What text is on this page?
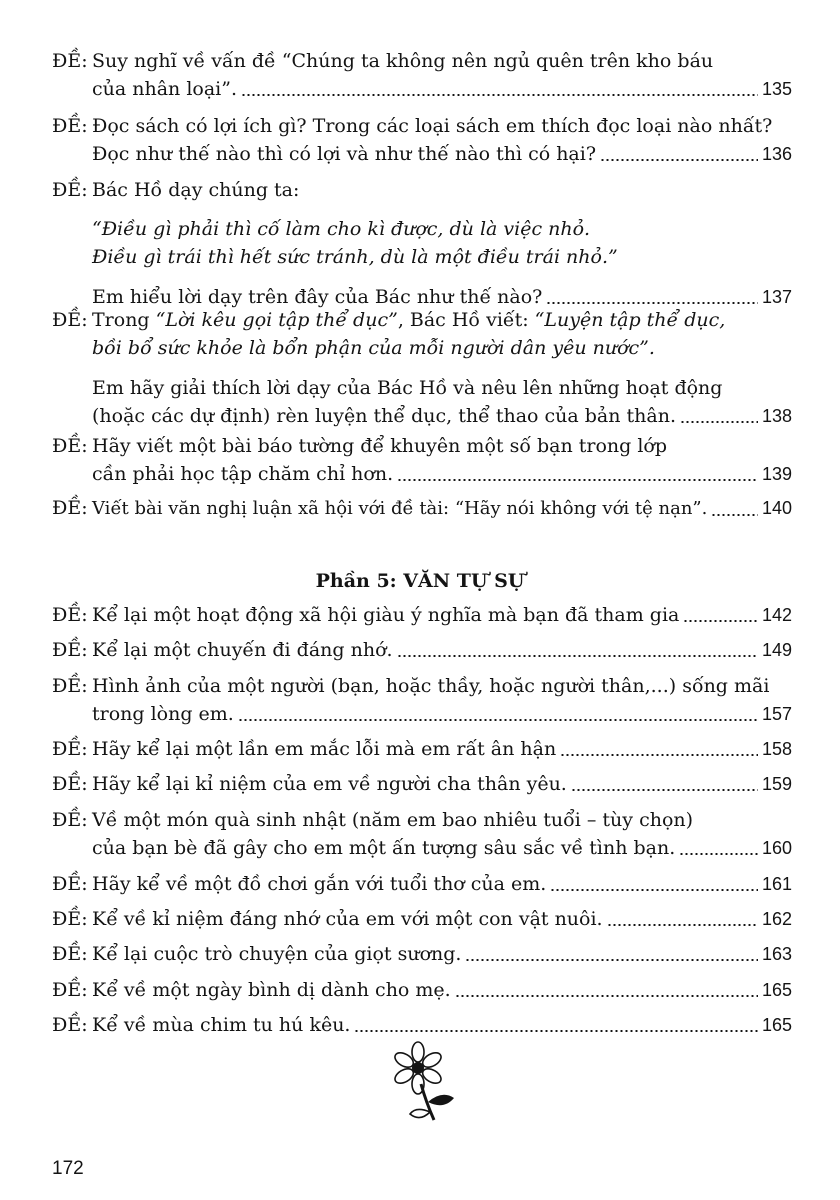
ĐỀ: Suy nghĩ về vấn đề “Chúng ta không nên ngủ quên trên kho báu
của nhân loại”.	135
ĐỀ: Đọc sách có lợi ích gì? Trong các loại sách em thích đọc loại nào nhất?
Đọc như thế nào thì có lợi và như thế nào thì có hại?	136
ĐỀ: Bác Hồ dạy chúng ta:
“Điều gì phải thì cố làm cho kì được, dù là việc nhỏ.
Điều gì trái thì hết sức tránh, dù là một điều trái nhỏ.”
Em hiểu lời dạy trên đây của Bác như thế nào?	137
ĐỀ: Trong “Lời kêu gọi tập thể dục”, Bác Hồ viết: “Luyện tập thể dục,
bồi bổ sức khỏe là bổn phận của mỗi người dân yêu nước”.
Em hãy giải thích lời dạy của Bác Hồ và nêu lên những hoạt động
(hoặc các dự định) rèn luyện thể dục, thể thao của bản thân.	138
ĐỀ: Hãy viết một bài báo tường để khuyên một số bạn trong lớp
cần phải học tập chăm chỉ hơn.	139
ĐỀ: Viết bài văn nghị luận xã hội với đề tài: “Hãy nói không với tệ nạn”.	140
Phần 5: VĂN TỰ SỰ
ĐỀ: Kể lại một hoạt động xã hội giàu ý nghĩa mà bạn đã tham gia	142
ĐỀ: Kể lại một chuyến đi đáng nhớ.	149
ĐỀ: Hình ảnh của một người (bạn, hoặc thầy, hoặc người thân,...) sống mãi
trong lòng em.	157
ĐỀ: Hãy kể lại một lần em mắc lỗi mà em rất ân hận	158
ĐỀ: Hãy kể lại kỉ niệm của em về người cha thân yêu.	159
ĐỀ: Về một món quà sinh nhật (năm em bao nhiêu tuổi – tùy chọn)
của bạn bè đã gây cho em một ấn tượng sâu sắc về tình bạn.	160
ĐỀ: Hãy kể về một đồ chơi gắn với tuổi thơ của em.	161
ĐỀ: Kể về kỉ niệm đáng nhớ của em với một con vật nuôi.	162
ĐỀ: Kể lại cuộc trò chuyện của giọt sương.	163
ĐỀ: Kể về một ngày bình dị dành cho mẹ.	165
ĐỀ: Kể về mùa chim tu hú kêu.	165
172
